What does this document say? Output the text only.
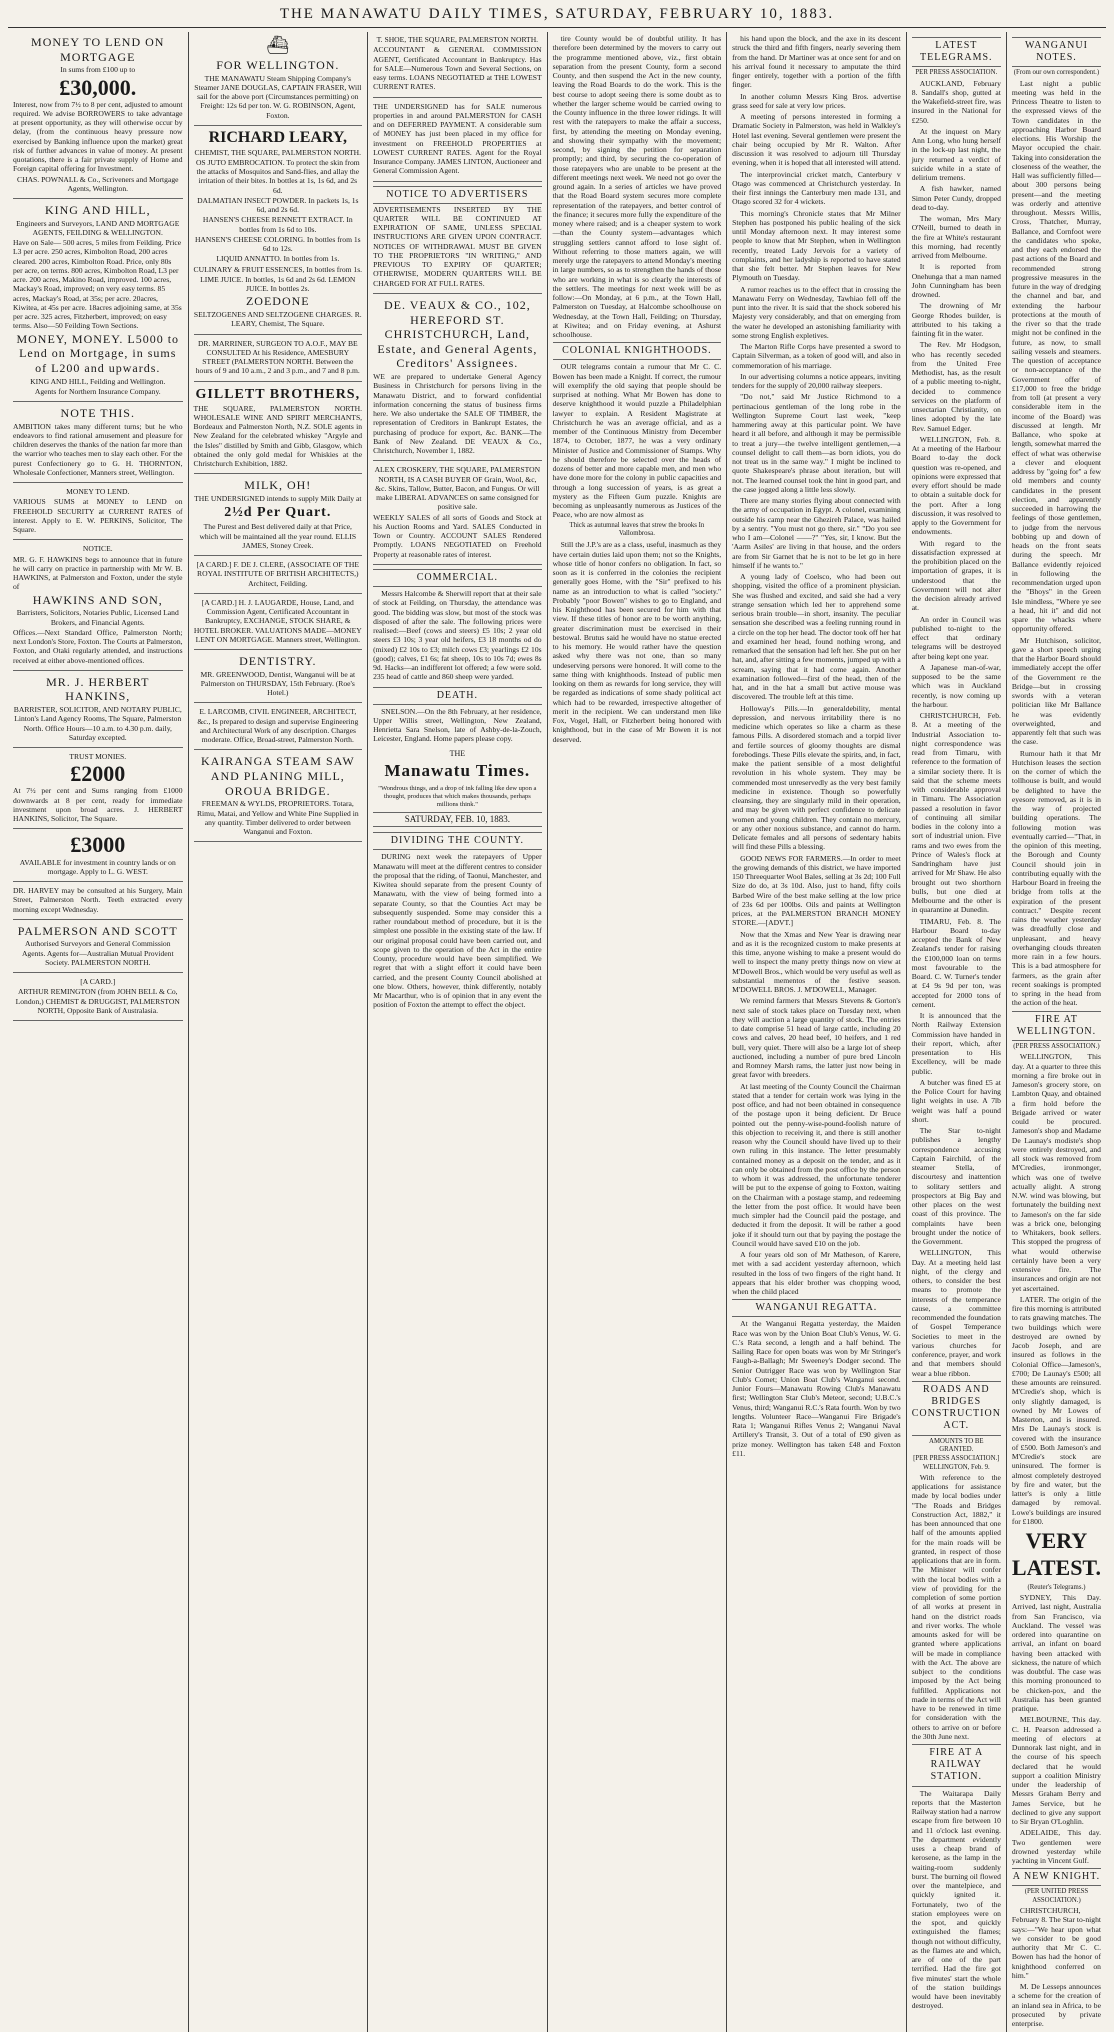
THE MANAWATU DAILY TIMES, SATURDAY, FEBRUARY 10, 1883.

MONEY TO LEND ON MORTGAGE

In sums from £100 up to

£30,000.

Interest, now from 7½ to 8 per cent, adjusted to amount required. We advise BORROWERS to take advantage at present opportunity, as they will otherwise occur by delay, (from the continuous heavy pressure now exercised by Banking influence upon the market) great risk of further advances in value of money. At present quotations, there is a fair private supply of Home and Foreign capital offering for Investment.

CHAS. POWNALL & Co., Scriveners and Mortgage Agents, Wellington.

KING AND HILL,

Engineers and Surveyors, LAND AND MORTGAGE AGENTS, FEILDING & WELLINGTON.

Have on Sale— 500 acres, 5 miles from Feilding. Price L3 per acre. 250 acres, Kimbolton Road, 200 acres cleared. 200 acres, Kimbolton Road. Price, only 80s per acre, on terms. 800 acres, Kimbolton Road, L3 per acre. 200 acres, Makino Road, improved. 100 acres, Mackay's Road, improved; on very easy terms. 85 acres, Mackay's Road, at 35s; per acre. 20acres, Kiwitea, at 45s per acre. 18acres adjoining same, at 35s per acre. 325 acres, Fitzherbert, improved; on easy terms. Also—50 Feilding Town Sections.

MONEY, MONEY. L5000 to Lend on Mortgage, in sums of L200 and upwards.

KING AND HILL, Feilding and Wellington.

Agents for Northern Insurance Company.

NOTE THIS.

AMBITION takes many different turns; but he who endeavors to find rational amusement and pleasure for children deserves the thanks of the nation far more than the warrior who teaches men to slay each other. For the purest Confectionery go to G. H. THORNTON, Wholesale Confectioner, Manners street, Wellington.

MONEY TO LEND.

VARIOUS SUMS at MONEY to LEND on FREEHOLD SECURITY at CURRENT RATES of interest. Apply to E. W. PERKINS, Solicitor, The Square.

NOTICE.

MR. G. F. HAWKINS begs to announce that in future he will carry on practice in partnership with Mr W. B. HAWKINS, at Palmerston and Foxton, under the style of

HAWKINS AND SON,

Barristers, Solicitors, Notaries Public, Licensed Land Brokers, and Financial Agents.

Offices.—Next Standard Office, Palmerston North; next London's Store, Foxton. The Courts at Palmerston, Foxton, and Otaki regularly attended, and instructions received at either above-mentioned offices.

MR. J. HERBERT HANKINS,

BARRISTER, SOLICITOR, AND NOTARY PUBLIC, Linton's Land Agency Rooms, The Square, Palmerston North. Office Hours—10 a.m. to 4.30 p.m. daily, Saturday excepted.

TRUST MONIES.

£2000

At 7½ per cent and Sums ranging from £1000 downwards at 8 per cent, ready for immediate investment upon broad acres. J. HERBERT HANKINS, Solicitor, The Square.

£3000

AVAILABLE for investment in country lands or on mortgage. Apply to L. G. WEST.

DR. HARVEY may be consulted at his Surgery, Main Street, Palmerston North. Teeth extracted every morning except Wednesday.

PALMERSON AND SCOTT

Authorised Surveyors and General Commission Agents. Agents for—Australian Mutual Provident Society. PALMERSTON NORTH.

[A CARD.]

ARTHUR REMINGTON (from JOHN BELL & Co, London,) CHEMIST & DRUGGIST, PALMERSTON NORTH, Opposite Bank of Australasia.

⛴

FOR WELLINGTON.

THE MANAWATU Steam Shipping Company's Steamer JANE DOUGLAS, CAPTAIN FRASER, Will sail for the above port (Circumstances permitting) on Freight: 12s 6d per ton. W. G. ROBINSON, Agent, Foxton.

RICHARD LEARY,

CHEMIST, THE SQUARE, PALMERSTON NORTH.

OS JUTO EMBROCATION. To protect the skin from the attacks of Mosquitos and Sand-flies, and allay the irritation of their bites. In bottles at 1s, 1s 6d, and 2s 6d.

DALMATIAN INSECT POWDER. In packets 1s, 1s 6d, and 2s 6d.

HANSEN'S CHEESE RENNETT EXTRACT. In bottles from 1s 6d to 10s.

HANSEN'S CHEESE COLORING. In bottles from 1s 6d to 12s.

LIQUID ANNATTO. In bottles from 1s.

CULINARY & FRUIT ESSENCES, In bottles from 1s.

LIME JUICE. In bottles, 1s 6d and 2s 6d. LEMON JUICE. In bottles 2s.

ZOEDONE

SELTZOGENES AND SELTZOGENE CHARGES. R. LEARY, Chemist, The Square.

DR. MARRINER, SURGEON TO A.O.F., MAY BE CONSULTED At his Residence, AMESBURY STREET (PALMERSTON NORTH. Between the hours of 9 and 10 a.m., 2 and 3 p.m., and 7 and 8 p.m.

GILLETT BROTHERS,

THE SQUARE, PALMERSTON NORTH. WHOLESALE WINE AND SPIRIT MERCHANTS, Bordeaux and Palmerston North, N.Z. SOLE agents in New Zealand for the celebrated whiskey "Argyle and the Isles" distilled by Smith and Gibb, Glasgow, which obtained the only gold medal for Whiskies at the Christchurch Exhibition, 1882.

MILK, OH!

THE UNDERSIGNED intends to supply Milk Daily at

2½d Per Quart.

The Purest and Best delivered daily at that Price, which will be maintained all the year round. ELLIS JAMES, Stoney Creek.

[A CARD.] F. DE J. CLERE, (ASSOCIATE OF THE ROYAL INSTITUTE OF BRITISH ARCHITECTS,) Architect, Feilding.

[A CARD.] H. J. LAUGARDE, House, Land, and Commission Agent, Certificated Accountant in Bankruptcy, EXCHANGE, STOCK SHARE, & HOTEL BROKER. VALUATIONS MADE—MONEY LENT ON MORTGAGE. Manners street, Wellington.

DENTISTRY.

MR. GREENWOOD, Dentist, Wanganui will be at Palmerston on THURSDAY, 15th February. (Roe's Hotel.)

E. LARCOMB, CIVIL ENGINEER, ARCHITECT, &c., Is prepared to design and supervise Engineering and Architectural Work of any description. Charges moderate. Office, Broad-street, Palmerston North.

KAIRANGA STEAM SAW AND PLANING MILL, OROUA BRIDGE.

FREEMAN & WYLDS, PROPRIETORS. Totara, Rimu, Matai, and Yellow and White Pine Supplied in any quantity. Timber delivered to order between Wanganui and Foxton.

T. SHOE, THE SQUARE, PALMERSTON NORTH.

ACCOUNTANT & GENERAL COMMISSION AGENT, Certificated Accountant in Bankruptcy. Has for SALE—Numerous Town and Several Sections, on easy terms. LOANS NEGOTIATED at THE LOWEST CURRENT RATES.

THE UNDERSIGNED has for SALE numerous properties in and around PALMERSTON for CASH and on DEFERRED PAYMENT. A considerable sum of MONEY has just been placed in my office for investment on FREEHOLD PROPERTIES at LOWEST CURRENT RATES. Agent for the Royal Insurance Company. JAMES LINTON, Auctioneer and General Commission Agent.

NOTICE TO ADVERTISERS

ADVERTISEMENTS INSERTED BY THE QUARTER WILL BE CONTINUED AT EXPIRATION OF SAME, UNLESS SPECIAL INSTRUCTIONS ARE GIVEN UPON CONTRACT. NOTICES OF WITHDRAWAL MUST BE GIVEN TO THE PROPRIETORS "IN WRITING," AND PREVIOUS TO EXPIRY OF QUARTER; OTHERWISE, MODERN QUARTERS WILL BE CHARGED FOR AT FULL RATES.

DE. VEAUX & CO., 102, HEREFORD ST. CHRISTCHURCH, Land, Estate, and General Agents, Creditors' Assignees.

WE are prepared to undertake General Agency Business in Christchurch for persons living in the Manawatu District, and to forward confidential information concerning the status of business firms here. We also undertake the SALE OF TIMBER, the representation of Creditors in Bankrupt Estates, the purchasing of produce for export, &c. BANK—The Bank of New Zealand. DE VEAUX & Co., Christchurch, November 1, 1882.

ALEX CROSKERY, THE SQUARE, PALMERSTON NORTH, IS A CASH BUYER OF Grain, Wool, &c, &c. Skins, Tallow, Butter, Bacon, and Fungus. Or will make LIBERAL ADVANCES on same consigned for positive sale.

WEEKLY SALES of all sorts of Goods and Stock at his Auction Rooms and Yard. SALES Conducted in Town or Country. ACCOUNT SALES Rendered Promptly. LOANS NEGOTIATED on Freehold Property at reasonable rates of interest.

COMMERCIAL.

Messrs Halcombe & Sherwill report that at their sale of stock at Feilding, on Thursday, the attendance was good. The bidding was slow, but most of the stock was disposed of after the sale. The following prices were realised:—Beef (cows and steers) £5 10s; 2 year old steers £3 10s; 3 year old heifers, £3 18 months od do (mixed) £2 10s to £3; milch cows £3; yearlings £2 10s (good); calves, £1 6s; fat sheep, 10s to 10s 7d; ewes 8s 9d. Hacks—an indifferent lot offered; a few were sold. 235 head of cattle and 860 sheep were yarded.

DEATH.

SNELSON.—On the 8th February, at her residence, Upper Willis street, Wellington, New Zealand, Henrietta Sara Snelson, late of Ashby-de-la-Zouch, Leicester, England. Home papers please copy.

THE

Manawatu Times.

"Wondrous things, and a drop of ink falling like dew upon a thought, produces that which makes thousands, perhaps millions think."

SATURDAY, FEB. 10, 1883.

DIVIDING THE COUNTY.

DURING next week the ratepayers of Upper Manawatu will meet at the different centres to consider the proposal that the riding, of Taonui, Manchester, and Kiwitea should separate from the present County of Manawatu, with the view of being formed into a separate County, so that the Counties Act may be subsequently suspended. Some may consider this a rather roundabout method of procedure, but it is the simplest one possible in the existing state of the law. If our original proposal could have been carried out, and scope given to the operation of the Act in the entire County, procedure would have been simplified. We regret that with a slight effort it could have been carried, and the present County Council abolished at one blow. Others, however, think differently, notably Mr Macarthur, who is of opinion that in any event the position of Foxton the attempt to effect the object.

tire County would be of doubtful utility. It has therefore been determined by the movers to carry out the programme mentioned above, viz., first obtain separation from the present County, form a second County, and then suspend the Act in the new county, leaving the Road Boards to do the work. This is the best course to adopt seeing there is some doubt as to whether the larger scheme would be carried owing to the County influence in the three lower ridings. It will rest with the ratepayers to make the affair a success, first, by attending the meeting on Monday evening, and showing their sympathy with the movement; second, by signing the petition for separation promptly; and third, by securing the co-operation of those ratepayers who are unable to be present at the different meetings next week. We need not go over the ground again. In a series of articles we have proved that the Road Board system secures more complete representation of the ratepayers, and better control of the finance; it secures more fully the expenditure of the money where raised; and is a cheaper system to work—than the County system—advantages which struggling settlers cannot afford to lose sight of. Without referring to those matters again, we will merely urge the ratepayers to attend Monday's meeting in large numbers, so as to strengthen the hands of those who are working in what is so clearly the interests of the settlers. The meetings for next week will be as follow:—On Monday, at 6 p.m., at the Town Hall, Palmerston on Tuesday, at Halcombe schoolhouse on Wednesday, at the Town Hall, Feilding; on Thursday, at Kiwitea; and on Friday evening, at Ashurst schoolhouse.

COLONIAL KNIGHTHOODS.

OUR telegrams contain a rumour that Mr C. C. Bowen has been made a Knight. If correct, the rumour will exemplify the old saying that people should be surprised at nothing. What Mr Bowen has done to deserve knighthood it would puzzle a Philadelphian lawyer to explain. A Resident Magistrate at Christchurch he was an average official, and as a member of the Continuous Ministry from December 1874, to October, 1877, he was a very ordinary Minister of Justice and Commissioner of Stamps. Why he should therefore be selected over the heads of dozens of better and more capable men, and men who have done more for the colony in public capacities and through a long succession of years, is as great a mystery as the Fifteen Gum puzzle. Knights are becoming as unpleasantly numerous as Justices of the Peace, who are now almost as

Thick as autumnal leaves that strew the brooks In Vallombrosa.

Still the J.P.'s are as a class, useful, inasmuch as they have certain duties laid upon them; not so the Knights, whose title of honor confers no obligation. In fact, so soon as it is conferred in the colonies the recipient generally goes Home, with the "Sir" prefixed to his name as an introduction to what is called "society." Probably "poor Bowen" wishes to go to England, and his Knighthood has been secured for him with that view. If these titles of honor are to be worth anything, greater discrimination must be exercised in their bestowal. Brutus said he would have no statue erected to his memory. He would rather have the question asked why there was not one, than so many undeserving persons were honored. It will come to the same thing with knighthoods. Instead of public men looking on them as rewards for long service, they will be regarded as indications of some shady political act which had to be rewarded, irrespective altogether of merit in the recipient. We can understand men like Fox, Vogel, Hall, or Fitzherbert being honored with knighthood, but in the case of Mr Bowen it is not deserved.

his hand upon the block, and the axe in its descent struck the third and fifth fingers, nearly severing them from the hand. Dr Martiner was at once sent for and on his arrival found it necessary to amputate the third finger entirely, together with a portion of the fifth finger.

In another column Messrs King Bros. advertise grass seed for sale at very low prices.

A meeting of persons interested in forming a Dramatic Society in Palmerston, was held in Walkley's Hotel last evening. Several gentlemen were present the chair being occupied by Mr R. Walton. After discussion it was resolved to adjourn till Thursday evening, when it is hoped that all interested will attend.

The interprovincial cricket match, Canterbury v Otago was commenced at Christchurch yesterday. In their first innings the Canterbury men made 131, and Otago scored 32 for 4 wickets.

This morning's Chronicle states that Mr Milner Stephen has postponed his public healing of the sick until Monday afternoon next. It may interest some people to know that Mr Stephen, when in Wellington recently, treated Lady Jervois for a variety of complaints, and her ladyship is reported to have stated that she felt better. Mr Stephen leaves for New Plymouth on Tuesday.

A rumor reaches us to the effect that in crossing the Manawatu Ferry on Wednesday, Tawhiao fell off the punt into the river. It is said that the shock sobered his Majesty very considerably, and that on emerging from the water he developed an astonishing familiarity with some strong English expletives.

The Marton Rifle Corps have presented a sword to Captain Silverman, as a token of good will, and also in commemoration of his marriage.

In our advertising columns a notice appears, inviting tenders for the supply of 20,000 railway sleepers.

"Do not," said Mr Justice Richmond to a pertinacious gentleman of the long robe in the Wellington Supreme Court last week, "keep hammering away at this particular point. We have heard it all before, and although it may be permissible to treat a jury—the twelve intelligent gentlemen,—a counsel delight to call them—as born idiots, you do not treat us in the same way." I might be inclined to quote Shakespeare's phrase about iteration, but will not. The learned counsel took the hint in good part, and the case jogged along a little less slowly.

There are many stories flying about connected with the army of occupation in Egypt. A colonel, examining outside his camp near the Ghezireh Palace, was hailed by a sentry. "You must not go there, sir." "Do you see who I am—Colonel ——?" "Yes, sir, I know. But the 'Aarm Asiles' are living in that house, and the orders are from Sir Garnet that he is not to be let go in here himself if he wants to."

A young lady of Coelsco, who had been out shopping, visited the office of a prominent physician. She was flushed and excited, and said she had a very strange sensation which led her to apprehend some serious brain trouble—in short, insanity. The peculiar sensation she described was a feeling running round in a circle on the top her head. The doctor took off her hat and examined her head, found nothing wrong, and remarked that the sensation had left her. She put on her hat, and, after sitting a few moments, jumped up with a scream, saying that it had come again. Another examination followed—first of the head, then of the hat, and in the hat a small but active mouse was discovered. The trouble left at this time.

Holloway's Pills.—In generaldebility, mental depression, and nervous irritability there is no medicine which operates so like a charm as these famous Pills. A disordered stomach and a torpid liver and fertile sources of gloomy thoughts are dismal forebodings. These Pills elevate the spirits, and, in fact, make the patient sensible of a most delightful revolution in his whole system. They may be commended most unreservedly as the very best family medicine in existence. Though so powerfully cleansing, they are singularly mild in their operation, and may be given with perfect confidence to delicate women and young children. They contain no mercury, or any other noxious substance, and cannot do harm. Delicate females and all persons of sedentary habits will find these Pills a blessing.

GOOD NEWS FOR FARMERS.—In order to meet the growing demands of this district, we have imported 150 Threequarter Wool Bales, selling at 3s 2d; 100 Full Size do do, at 3s 10d. Also, just to hand, fifty coils Barbed Wire of the best make selling at the low price of 23s 6d per 100lbs. Oils and paints at Wellington prices, at the PALMERSTON BRANCH MONEY STORE.—[ADVT.]

Now that the Xmas and New Year is drawing near and as it is the recognized custom to make presents at this time, anyone wishing to make a present would do well to inspect the many pretty things now on view at M'Dowell Bros., which would be very useful as well as substantial mementos of the festive season. M'DOWELL BROS. J. M'DOWELL, Manager.

We remind farmers that Messrs Stevens & Gorton's next sale of stock takes place on Tuesday next, when they will auction a large quantity of stock. The entries to date comprise 51 head of large cattle, including 20 cows and calves, 20 head beef, 10 heifers, and 1 red bull, very quiet. There will also be a large lot of sheep auctioned, including a number of pure bred Lincoln and Romney Marsh rams, the latter just now being in great favor with breeders.

At last meeting of the County Council the Chairman stated that a tender for certain work was lying in the post office, and had not been obtained in consequence of the postage upon it being deficient. Dr Bruce pointed out the penny-wise-pound-foolish nature of this objection to receiving it, and there is still another reason why the Council should have lived up to their own ruling in this instance. The letter presumably contained money as a deposit on the tender, and as it can only be obtained from the post office by the person to whom it was addressed, the unfortunate tenderer will be put to the expense of going to Foxton, waiting on the Chairman with a postage stamp, and redeeming the letter from the post office. It would have been much simpler had the Council paid the postage, and deducted it from the deposit. It will be rather a good joke if it should turn out that by paying the postage the Council would have saved £10 on the job.

A four years old son of Mr Matheson, of Karere, met with a sad accident yesterday afternoon, which resulted in the loss of two fingers of the right hand. It appears that his elder brother was chopping wood, when the child placed

WANGANUI REGATTA.

At the Wanganui Regatta yesterday, the Maiden Race was won by the Union Boat Club's Venus, W. G. C.'s Rata second, a length and a half behind. The Sailing Race for open boats was won by Mr Stringer's Faugh-a-Ballagh; Mr Sweeney's Dodger second. The Senior Outrigger Race was won by Wellington Star Club's Comet; Union Boat Club's Wanganui second. Junior Fours—Manawatu Rowing Club's Manawatu first; Wellington Star Club's Meteor, second; U.B.C.'s Venus, third; Wanganui R.C.'s Rata fourth. Won by two lengths. Volunteer Race—Wanganui Fire Brigade's Rata 1; Wanganui Rifles Venus 2; Wanganui Naval Artillery's Transit, 3. Out of a total of £90 given as prize money. Wellington has taken £48 and Foxton £11.

LATEST TELEGRAMS.

PER PRESS ASSOCIATION.

AUCKLAND, February 8. Sandall's shop, gutted at the Wakefield-street fire, was insured in the National for £250.

At the inquest on Mary Ann Long, who hung herself in the lock-up last night, the jury returned a verdict of suicide while in a state of delirium tremens.

A fish hawker, named Simon Peter Cundy, dropped dead to-day.

The woman, Mrs Mary O'Neill, burned to death in the fire at White's restaurant this morning, had recently arrived from Melbourne.

It is reported from Onehunga that a man named John Cunningham has been drowned.

The drowning of Mr George Rhodes builder, is attributed to his taking a fainting fit in the water.

The Rev. Mr Hodgson, who has recently seceded from the United Free Methodist, has, as the result of a public meeting to-night, decided to commence services on the platform of unsectarian Christianity, on lines adopted by the late Rev. Samuel Edger.

WELLINGTON, Feb. 8. At a meeting of the Harbour Board to-day the dock question was re-opened, and opinions were expressed that every effort should be made to obtain a suitable dock for the port. After a long discussion, it was resolved to apply to the Government for endowments.

With regard to the dissatisfaction expressed at the prohibition placed on the importation of grapes, it is understood that the Government will not alter the decision already arrived at.

An order in Council was published to-night to the effect that ordinary telegrams will be destroyed after being kept one year.

A Japanese man-of-war, supposed to be the same which was in Auckland recently, is now coming up the harbour.

CHRISTCHURCH, Feb. 8. At a meeting of the Industrial Association to-night correspondence was read from Timaru, with reference to the formation of a similar society there. It is said that the scheme meets with considerable approval in Timaru. The Association passed a resolution in favor of continuing all similar bodies in the colony into a sort of industrial union. Five rams and two ewes from the Prince of Wales's flock at Sandringham have just arrived for Mr Shaw. He also brought out two shorthorn bulls, but one died at Melbourne and the other is in quarantine at Dunedin.

TIMARU, Feb. 8. The Harbour Board to-day accepted the Bank of New Zealand's tender for raising the £100,000 loan on terms most favourable to the Board. C. W. Turner's tender at £4 9s 9d per ton, was accepted for 2000 tons of cement.

It is announced that the North Railway Extension Commission have handed in their report, which, after presentation to His Excellency, will be made public.

A butcher was fined £5 at the Police Court for having light weights in use. A 7lb weight was half a pound short.

The Star to-night publishes a lengthy correspondence accusing Captain Fairchild, of the steamer Stella, of discourtesy and inattention to solitary settlers and prospectors at Big Bay and other places on the west coast of this province. The complaints have been brought under the notice of the Government.

WELLINGTON, This Day. At a meeting held last night, of the clergy and others, to consider the best means to promote the interests of the temperance cause, a committee recommended the foundation of Gospel Temperance Societies to meet in the various churches for conference, prayer, and work and that members should wear a blue ribbon.

ROADS AND BRIDGES CONSTRUCTION ACT.

AMOUNTS TO BE GRANTED.

[PER PRESS ASSOCIATION.] WELLINGTON, Feb. 9.

With reference to the applications for assistance made by local bodies under "The Roads and Bridges Construction Act, 1882," it has been announced that one half of the amounts applied for the main roads will be granted, in respect of those applications that are in form. The Minister will confer with the local bodies with a view of providing for the completion of some portion of all works at present in hand on the district roads and river works. The whole amounts asked for will be granted where applications will be made in compliance with the Act. The above are subject to the conditions imposed by the Act being fulfilled. Applications not made in terms of the Act will have to be renewed in time for consideration with the others to arrive on or before the 30th June next.

FIRE AT A RAILWAY STATION.

The Waitarapa Daily reports that the Masterton Railway station had a narrow escape from fire between 10 and 11 o'clock last evening. The department evidently uses a cheap brand of kerosene, as the lamp in the waiting-room suddenly burst. The burning oil flowed over the mantelpiece, and quickly ignited it. Fortunately, two of the station employees were on the spot, and quickly extinguished the flames; though not without difficulty, as the flames ate and which, are of one of the part terrified. Had the fire got five minutes' start the whole of the station buildings would have been inevitably destroyed.

WANGANUI NOTES.

(From our own correspondent.)

Last night a public meeting was held in the Princess Theatre to listen to the expressed views of the Town candidates in the approaching Harbor Board elections. His Worship the Mayor occupied the chair. Taking into consideration the closeness of the weather, the Hall was sufficiently filled—about 300 persons being present—and the meeting was orderly and attentive throughout. Messrs Willis, Cross, Thatcher, Murray, Ballance, and Cornfoot were the candidates who spoke, and they each endorsed the past actions of the Board and recommended strong progressive measures in the future in the way of dredging the channel and bar, and extending the harbour protections at the mouth of the river so that the trade might not be confined in the future, as now, to small sailing vessels and steamers. The question of acceptance or non-acceptance of the Government offer of £17,000 to free the bridge from toll (at present a very considerable item in the income of the Board) was discussed at length. Mr Ballance, who spoke at length, somewhat marred the effect of what was otherwise a clever and eloquent address by "going for" a few old members and county candidates in the present election, and apparently succeeded in harrowing the feelings of those gentlemen, to judge from the nervous bobbing up and down of heads on the front seats during the speech. Mr Ballance evidently rejoiced in following the recommendation urged upon the "Bhoys" in the Green Isle mindless, "Where ye see a head, hit it" and did not spare the whacks where opportunity offered.

Mr Hutchison, solicitor, gave a short speech urging that the Harbor Board should immediately accept the offer of the Government re the Bridge—but in crossing swords with a veteran politician like Mr Ballance he was evidently overweighted, and apparently felt that such was the case.

Rumour hath it that Mr Hutchison leases the section on the corner of which the tollhouse is built, and would be delighted to have the eyesore removed, as it is in the way of projected building operations. The following motion was eventually carried—"That, in the opinion of this meeting, the Borough and County Council should join in contributing equally with the Harbour Board in freeing the bridge from tolls at the expiration of the present contract." Despite recent rains the weather yesterday was dreadfully close and unpleasant, and heavy overhanging clouds threaten more rain in a few hours. This is a bad atmosphere for farmers, as the grain after recent soakings is prompted to spring in the head from the action of the heat.

FIRE AT WELLINGTON.

(PER PRESS ASSOCIATION.)

WELLINGTON, This day. At a quarter to three this morning a fire broke out in Jameson's grocery store, on Lambton Quay, and obtained a firm hold before the Brigade arrived or water could be procured. Jameson's shop and Madame De Launay's modiste's shop were entirely destroyed, and all stock was removed from M'Credies, ironmonger, which was one of twelve actually alight. A strong N.W. wind was blowing, but fortunately the building next to Jameson's on the far side was a brick one, belonging to Whitakers, book sellers. This stopped the progress of what would otherwise certainly have been a very extensive fire. The insurances and origin are not yet ascertained.

LATER. The origin of the fire this morning is attributed to rats gnawing matches. The two buildings which were destroyed are owned by Jacob Joseph, and are insured as follows in the Colonial Office—Jameson's, £700; De Launay's £500; all these amounts are reinsured. M'Credie's shop, which is only slightly damaged, is owned by Mr Lowes of Masterton, and is insured. Mrs De Launay's stock is covered with the insurance of £500. Both Jameson's and M'Credie's stock are uninsured. The former is almost completely destroyed by fire and water, but the latter's is only a little damaged by removal. Lowe's buildings are insured for £1800.

VERY LATEST.

(Reuter's Telegrams.)

SYDNEY, This Day. Arrived, last night, Australia from San Francisco, via Auckland. The vessel was ordered into quarantine on arrival, an infant on board having been attacked with sickness, the nature of which was doubtful. The case was this morning pronounced to be chicken-pox, and the Australia has been granted pratique.

MELBOURNE, This day. C. H. Pearson addressed a meeting of electors at Dunnorak last night, and in the course of his speech declared that he would support a coalition Ministry under the leadership of Messrs Graham Berry and James Service, but he declined to give any support to Sir Bryan O'Loghlin.

ADELAIDE, This day. Two gentlemen were drowned yesterday while yachting in Vincent Gulf.

A NEW KNIGHT.

(PER UNITED PRESS ASSOCIATION.)

CHRISTCHURCH, February 8. The Star to-night says:—"We hear upon what we consider to be good authority that Mr C. C. Bowen has had the honor of knighthood conferred on him."

M. De Lesseps announces a scheme for the creation of an inland sea in Africa, to be prosecuted by private enterprise.
